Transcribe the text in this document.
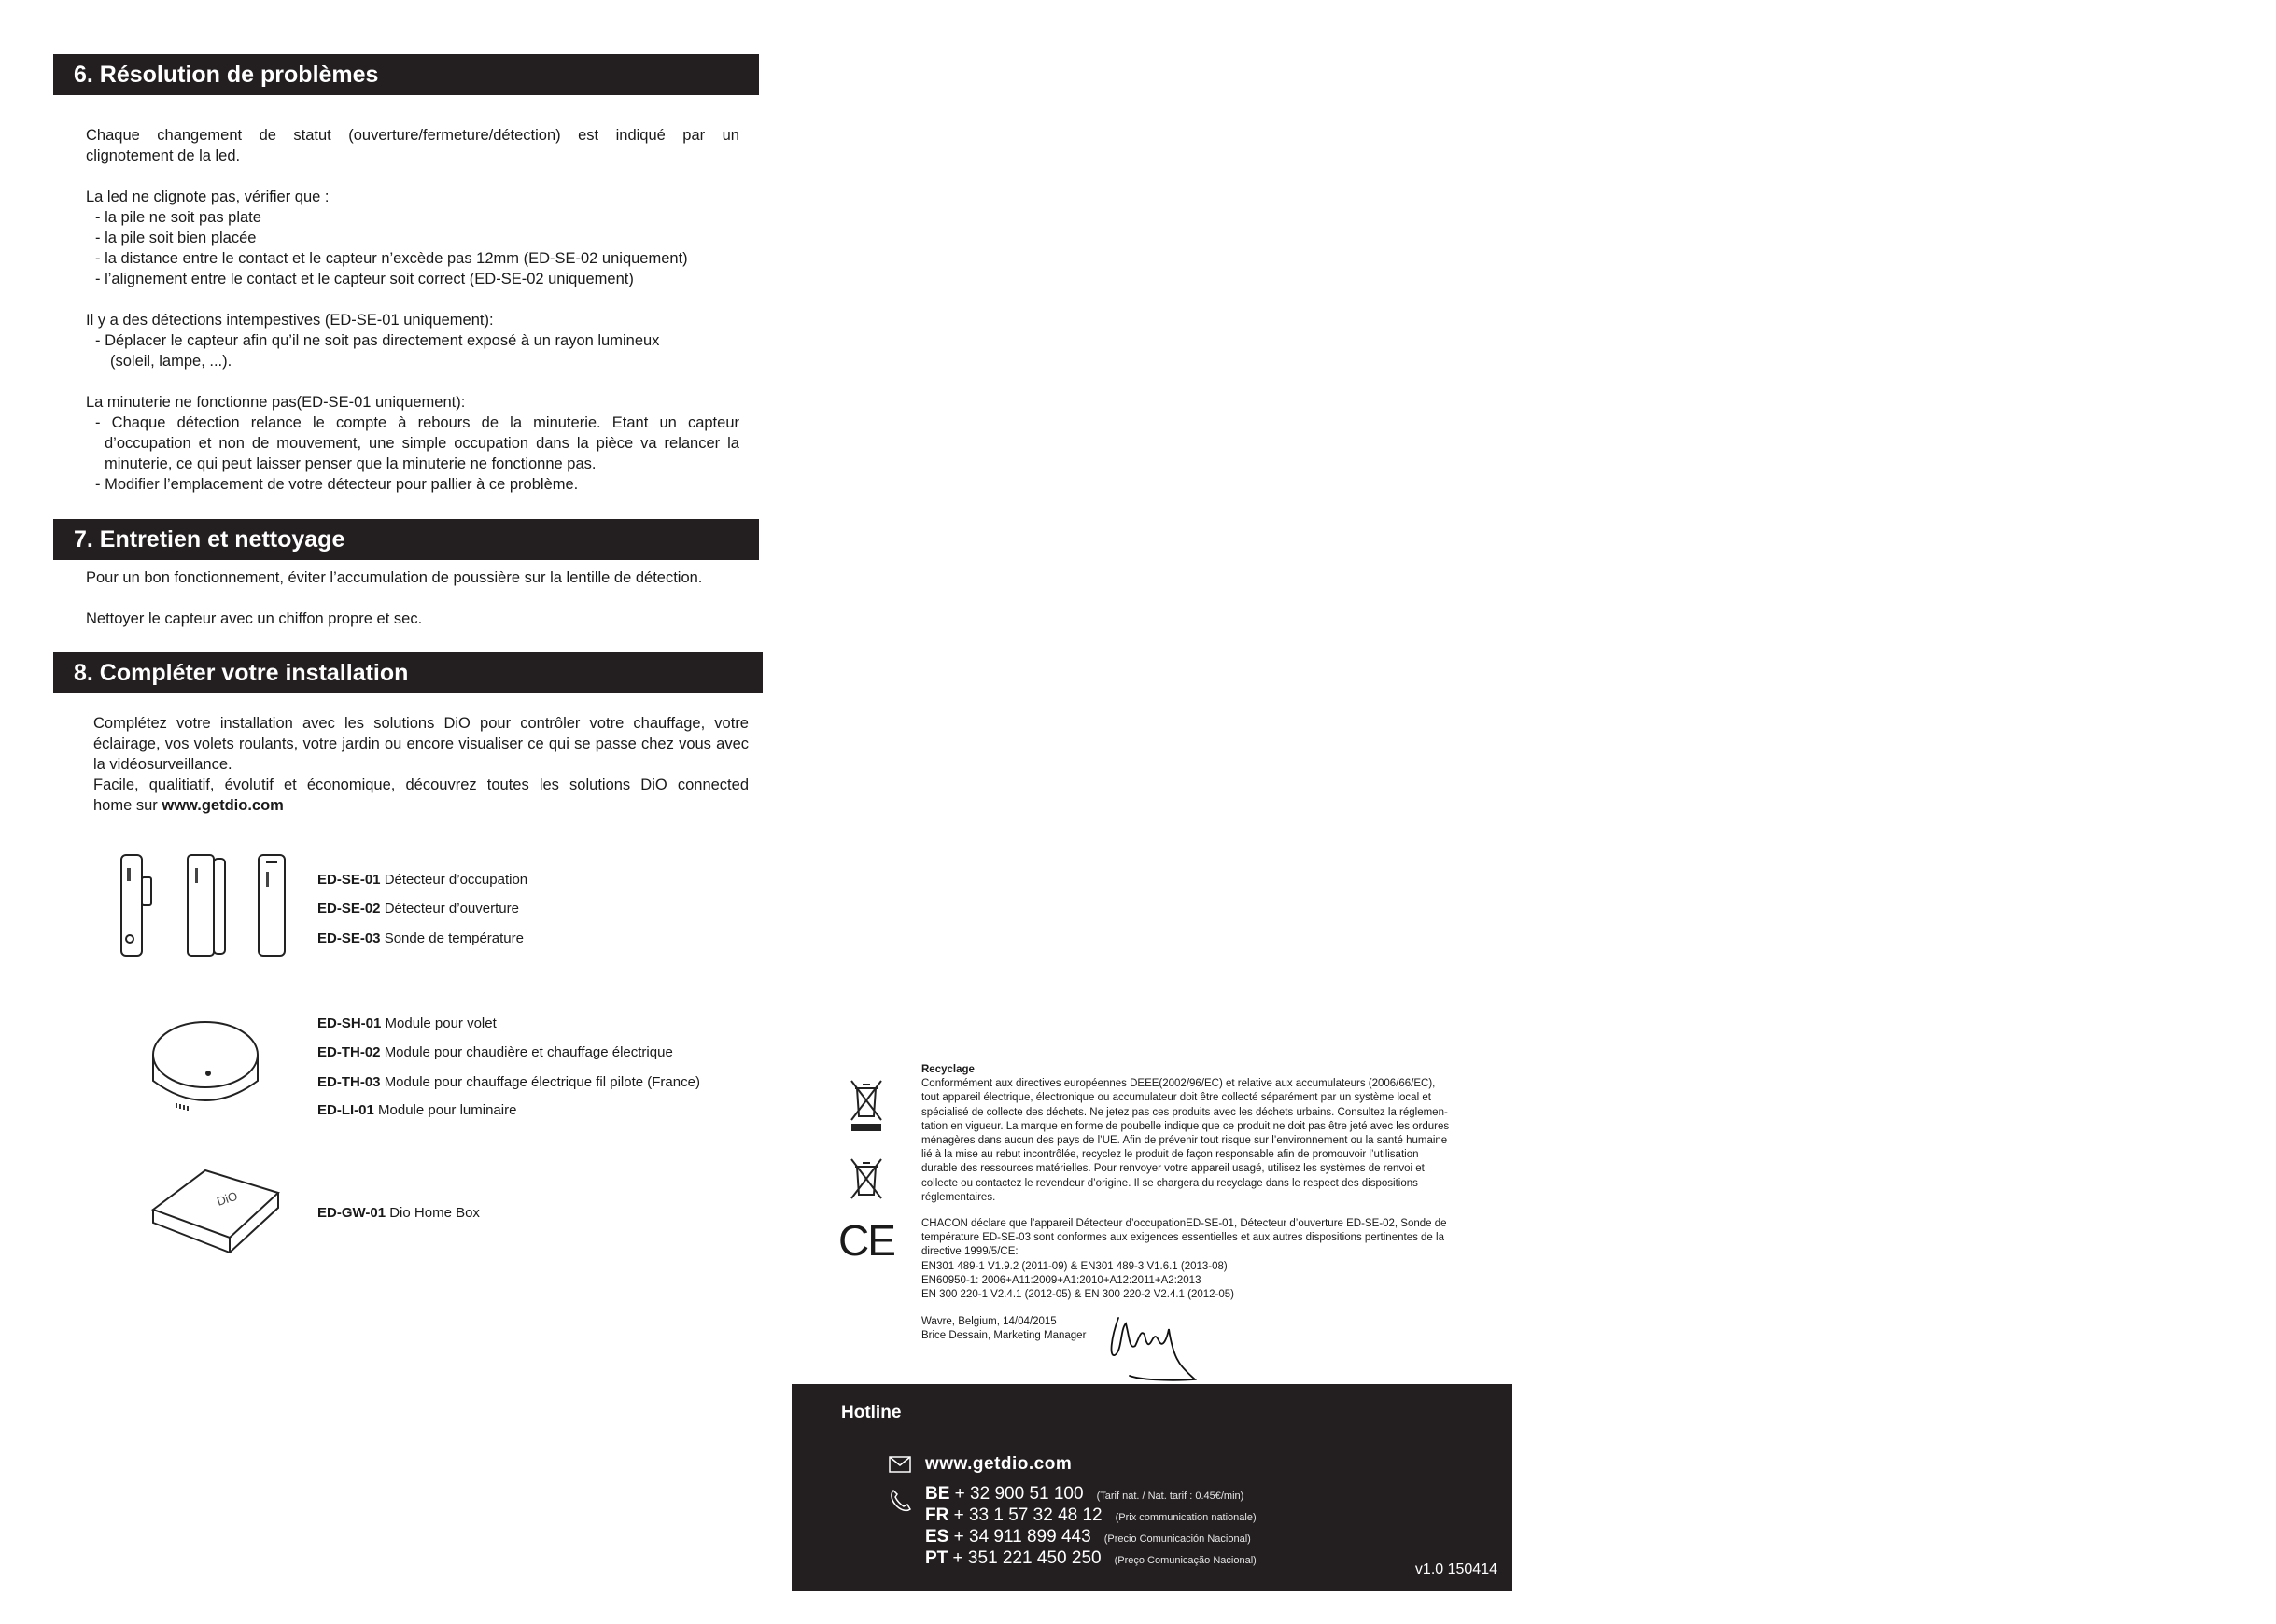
6. Résolution de problèmes
Chaque changement de statut (ouverture/fermeture/détection) est indiqué par un
clignotement de la led.
La led ne clignote pas, vérifier que :
- la pile ne soit pas plate
- la pile soit bien placée
- la distance entre le contact et le capteur n’excède pas 12mm (ED-SE-02 uniquement)
- l’alignement entre le contact et le capteur soit correct (ED-SE-02 uniquement)
Il y a des détections intempestives (ED-SE-01 uniquement):
- Déplacer le capteur afin qu’il ne soit pas directement exposé à un rayon lumineux
(soleil, lampe, ...).
La minuterie ne fonctionne pas(ED-SE-01 uniquement):
- Chaque détection relance le compte à rebours de la minuterie. Etant un capteur
d’occupation et non de mouvement, une simple occupation dans la pièce va relancer la
minuterie, ce qui peut laisser penser que la minuterie ne fonctionne pas.
- Modifier l’emplacement de votre détecteur pour pallier à ce problème.
7. Entretien et nettoyage
Pour un bon fonctionnement, éviter l’accumulation de poussière sur la lentille de détection.
Nettoyer le capteur avec un chiffon propre et sec.
8. Compléter votre installation
Complétez votre installation avec les solutions DiO pour contrôler votre chauffage, votre
éclairage, vos volets roulants, votre jardin ou encore visualiser ce qui se passe chez vous avec
la vidéosurveillance.
Facile, qualitiatif, évolutif et économique, découvrez toutes les solutions DiO connected
home sur www.getdio.com
ED-SE-01 Détecteur d’occupation
ED-SE-02 Détecteur d’ouverture
ED-SE-03 Sonde de température
ED-SH-01 Module pour volet
ED-TH-02 Module pour chaudière et chauffage électrique
ED-TH-03 Module pour chauffage électrique fil pilote (France)
ED-LI-01 Module pour luminaire
DiO
ED-GW-01 Dio Home Box
CE
Recyclage
Conformément aux directives européennes DEEE(2002/96/EC) et relative aux accumulateurs (2006/66/EC),
tout appareil électrique, électronique ou accumulateur doit être collecté séparément par un système local et
spécialisé de collecte des déchets. Ne jetez pas ces produits avec les déchets urbains. Consultez la réglemen-
tation en vigueur. La marque en forme de poubelle indique que ce produit ne doit pas être jeté avec les ordures
ménagères dans aucun des pays de l’UE. Afin de prévenir tout risque sur l’environnement ou la santé humaine
lié à la mise au rebut incontrôlée, recyclez le produit de façon responsable afin de promouvoir l’utilisation
durable des ressources matérielles. Pour renvoyer votre appareil usagé, utilisez les systèmes de renvoi et
collecte ou contactez le revendeur d’origine. Il se chargera du recyclage dans le respect des dispositions
réglementaires.
CHACON déclare que l’appareil Détecteur d’occupationED-SE-01, Détecteur d’ouverture ED-SE-02, Sonde de
température ED-SE-03 sont conformes aux exigences essentielles et aux autres dispositions pertinentes de la
directive 1999/5/CE:
EN301 489-1 V1.9.2 (2011-09) & EN301 489-3 V1.6.1 (2013-08)
EN60950-1: 2006+A11:2009+A1:2010+A12:2011+A2:2013
EN 300 220-1 V2.4.1 (2012-05) & EN 300 220-2 V2.4.1 (2012-05)
Wavre, Belgium, 14/04/2015
Brice Dessain, Marketing Manager
Hotline
www.getdio.com
BE + 32 900 51 100 (Tarif nat. / Nat. tarif : 0.45€/min)
FR + 33 1 57 32 48 12 (Prix communication nationale)
ES + 34 911 899 443 (Precio Comunicación Nacional)
PT + 351 221 450 250 (Preço Comunicação Nacional)
v1.0 150414
